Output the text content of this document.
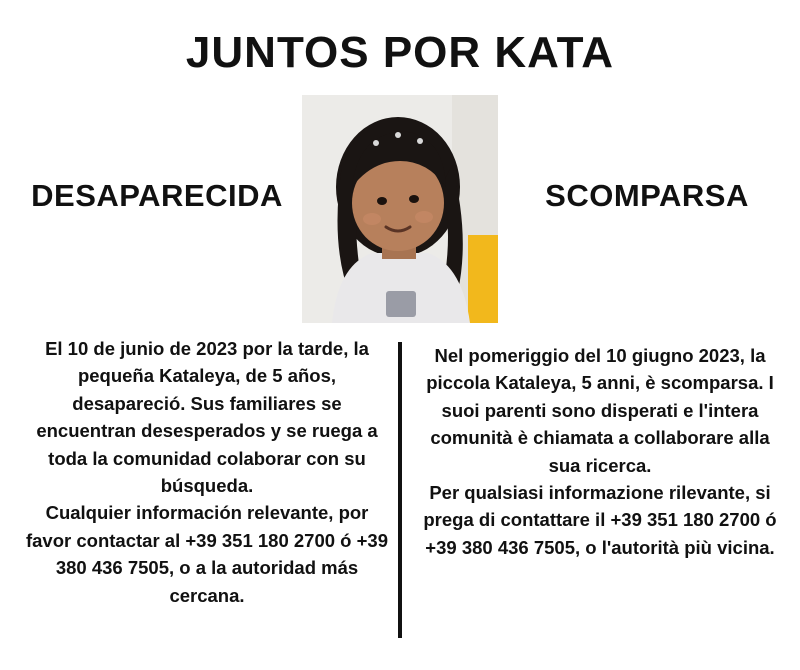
JUNTOS POR KATA
DESAPARECIDA	SCOMPARSA

El 10 de junio de 2023 por la tarde, la pequeña Kataleya, de 5 años, desapareció. Sus familiares se encuentran desesperados y se ruega a toda la comunidad colaborar con su búsqueda.

Cualquier información relevante, por favor contactar al +39 351 180 2700 ó +39 380 436 7505, o a la autoridad más cercana.

Nel pomeriggio del 10 giugno 2023, la piccola Kataleya, 5 anni, è scomparsa. I suoi parenti sono disperati e l'intera comunità è chiamata a collaborare alla sua ricerca.

Per qualsiasi informazione rilevante, si prega di contattare il +39 351 180 2700 ó +39 380 436 7505, o l'autorità più vicina.
